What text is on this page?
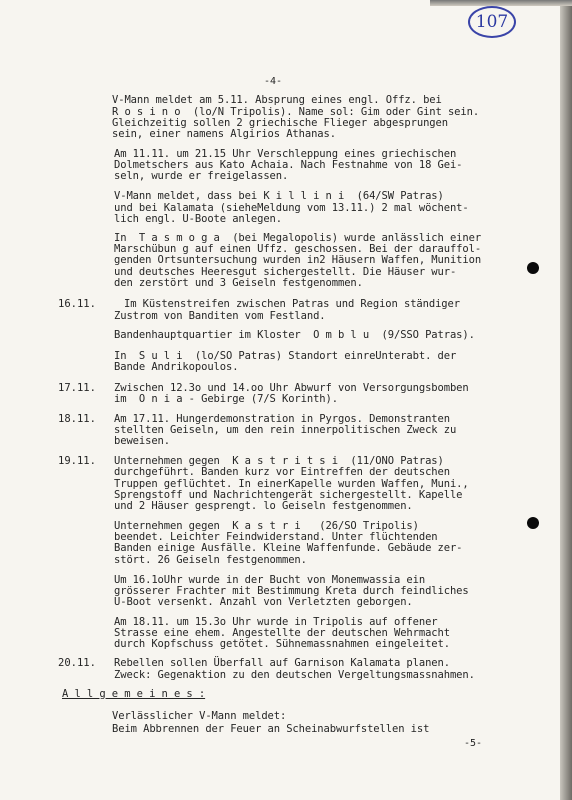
107
-4-
V-Mann meldet am 5.11. Absprung eines engl. Offz. bei
R o s i n o  (lo/N Tripolis). Name sol: Gim oder Gint sein.
Gleichzeitig sollen 2 griechische Flieger abgesprungen
sein, einer namens Algirios Athanas.
Am 11.11. um 21.15 Uhr Verschleppung eines griechischen
Dolmetschers aus Kato Achaia. Nach Festnahme von 18 Gei-
seln, wurde er freigelassen.
V-Mann meldet, dass bei K i l l i n i  (64/SW Patras)
und bei Kalamata (sieheMeldung vom 13.11.) 2 mal wöchent-
lich engl. U-Boote anlegen.
In  T a s m o g a  (bei Megalopolis) wurde anlässlich einer
Marschübun g auf einen Uffz. geschossen. Bei der darauffol-
genden Ortsuntersuchung wurden in2 Häusern Waffen, Munition
und deutsches Heeresgut sichergestellt. Die Häuser wur-
den zerstört und 3 Geiseln festgenommen.
16.11.	Im Küstenstreifen zwischen Patras und Region ständiger
Zustrom von Banditen vom Festland.
Bandenhauptquartier im Kloster  O m b l u  (9/SSO Patras).
In  S u l i  (lo/SO Patras) Standort einreUnterabt. der
Bande Andrikopoulos.
17.11. Zwischen 12.3o und 14.oo Uhr Abwurf von Versorgungsbomben
im  O n i a - Gebirge (7/S Korinth).
18.11. Am 17.11. Hungerdemonstration in Pyrgos. Demonstranten
stellten Geiseln, um den rein innerpolitischen Zweck zu
beweisen.
19.11. Unternehmen gegen  K a s t r i t s i  (11/ONO Patras)
durchgeführt. Banden kurz vor Eintreffen der deutschen
Truppen geflüchtet. In einerKapelle wurden Waffen, Muni.,
Sprengstoff und Nachrichtengerät sichergestellt. Kapelle
und 2 Häuser gesprengt. lo Geiseln festgenommen.
Unternehmen gegen  K a s t r i   (26/SO Tripolis)
beendet. Leichter Feindwiderstand. Unter flüchtenden
Banden einige Ausfälle. Kleine Waffenfunde. Gebäude zer-
stört. 26 Geiseln festgenommen.
Um 16.1oUhr wurde in der Bucht von Monemwassia ein
grösserer Frachter mit Bestimmung Kreta durch feindliches
U-Boot versenkt. Anzahl von Verletzten geborgen.
Am 18.11. um 15.3o Uhr wurde in Tripolis auf offener
Strasse eine ehem. Angestellte der deutschen Wehrmacht
durch Kopfschuss getötet. Sühnemassnahmen eingeleitet.
20.11. Rebellen sollen Überfall auf Garnison Kalamata planen.
Zweck: Gegenaktion zu den deutschen Vergeltungsmassnahmen.
A l l g e m e i n e s :
Verlässlicher V-Mann meldet:
-5-
Beim Abbrennen der Feuer an Scheinabwurfstellen ist
